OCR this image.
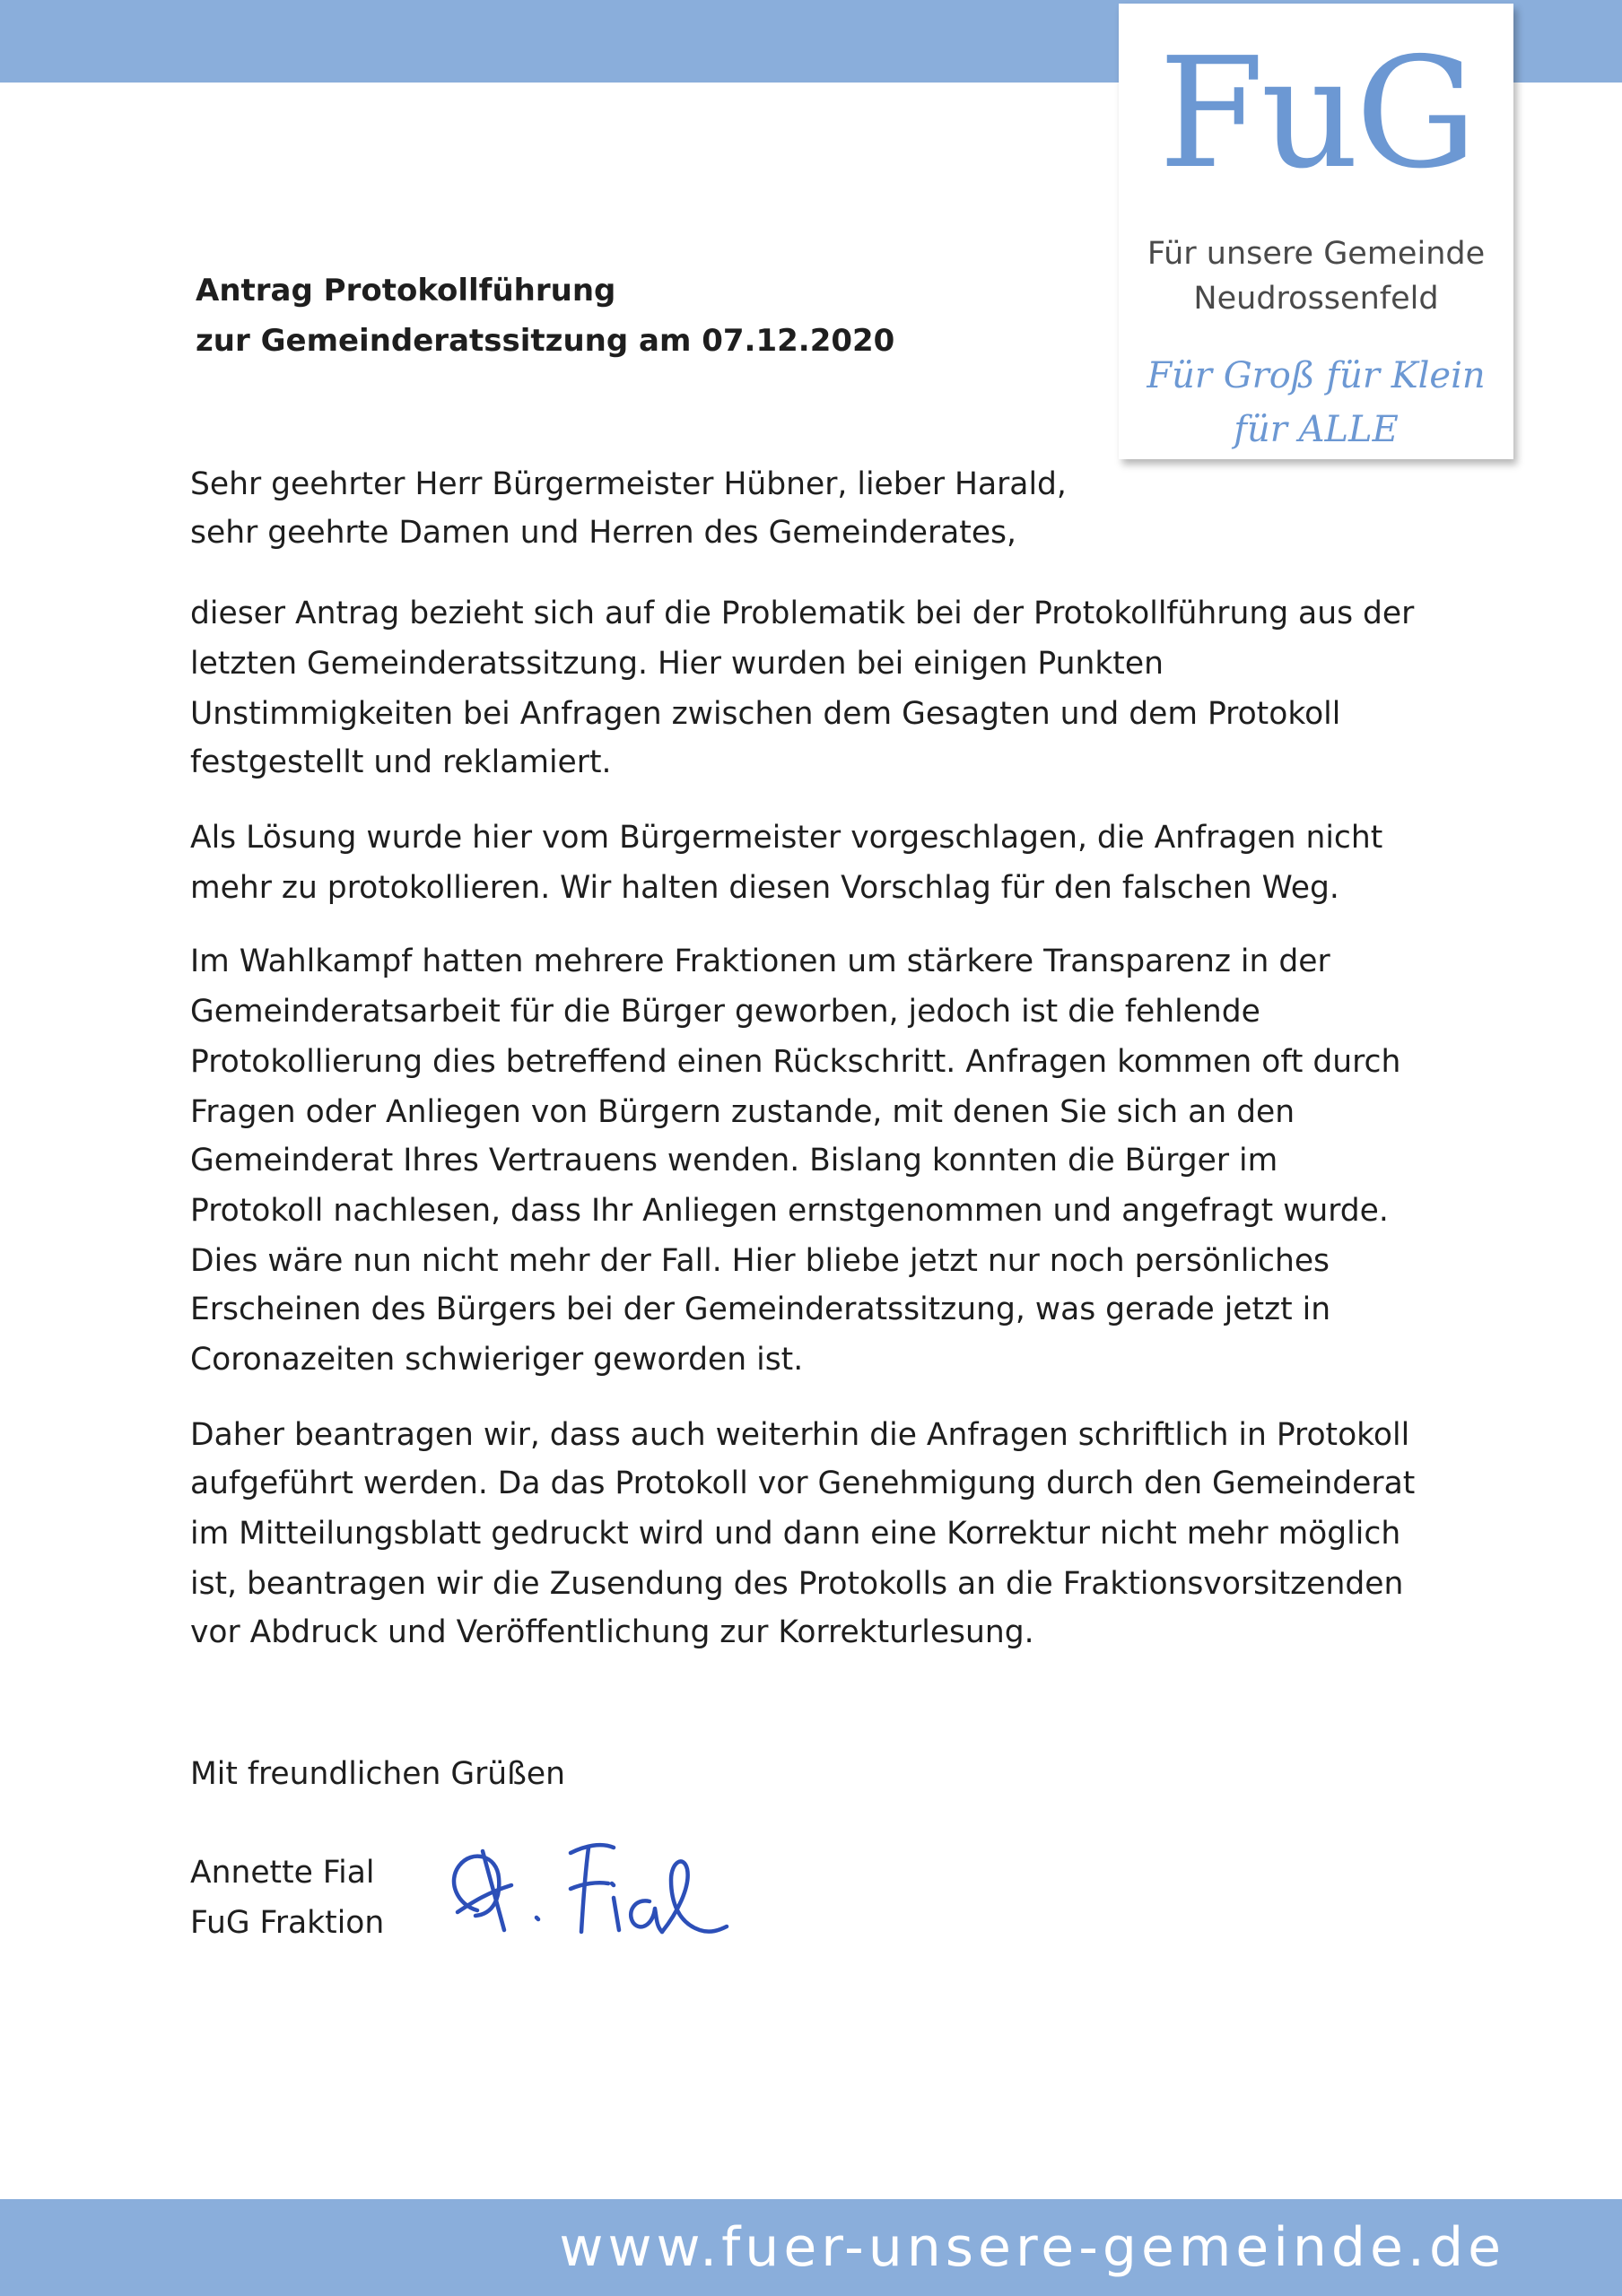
FuG
Für unsere Gemeinde
Neudrossenfeld
Für Groß für Klein
für ALLE
Antrag Protokollführung
zur Gemeinderatssitzung am 07.12.2020
Sehr geehrter Herr Bürgermeister Hübner, lieber Harald,
sehr geehrte Damen und Herren des Gemeinderates,
dieser Antrag bezieht sich auf die Problematik bei der Protokollführung aus der
letzten Gemeinderatssitzung. Hier wurden bei einigen Punkten
Unstimmigkeiten bei Anfragen zwischen dem Gesagten und dem Protokoll
festgestellt und reklamiert.
Als Lösung wurde hier vom Bürgermeister vorgeschlagen, die Anfragen nicht
mehr zu protokollieren. Wir halten diesen Vorschlag für den falschen Weg.
Im Wahlkampf hatten mehrere Fraktionen um stärkere Transparenz in der
Gemeinderatsarbeit für die Bürger geworben, jedoch ist die fehlende
Protokollierung dies betreffend einen Rückschritt. Anfragen kommen oft durch
Fragen oder Anliegen von Bürgern zustande, mit denen Sie sich an den
Gemeinderat Ihres Vertrauens wenden. Bislang konnten die Bürger im
Protokoll nachlesen, dass Ihr Anliegen ernstgenommen und angefragt wurde.
Dies wäre nun nicht mehr der Fall. Hier bliebe jetzt nur noch persönliches
Erscheinen des Bürgers bei der Gemeinderatssitzung, was gerade jetzt in
Coronazeiten schwieriger geworden ist.
Daher beantragen wir, dass auch weiterhin die Anfragen schriftlich in Protokoll
aufgeführt werden. Da das Protokoll vor Genehmigung durch den Gemeinderat
im Mitteilungsblatt gedruckt wird und dann eine Korrektur nicht mehr möglich
ist, beantragen wir die Zusendung des Protokolls an die Fraktionsvorsitzenden
vor Abdruck und Veröffentlichung zur Korrekturlesung.
Mit freundlichen Grüßen
Annette Fial
FuG Fraktion
www.fuer-unsere-gemeinde.de
